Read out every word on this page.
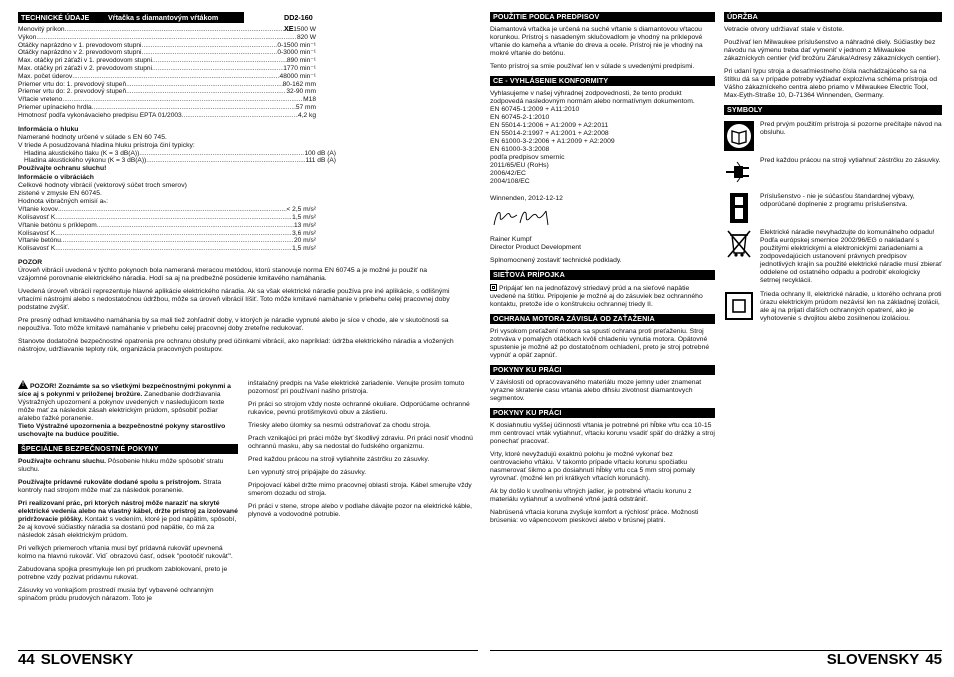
TECHNICKÉ ÚDAJE	Vŕtačka s diamantovým vŕtákom	DD2-160 XE
Menovitý príkon .....	1500 W
Výkon .....	820 W
Otáčky naprázdno v 1. prevodovom stupni .....	0-1500 min⁻¹
Otáčky naprázdno v 2. prevodovom stupni .....	0-3000 min⁻¹
Max. otáčky pri záťaži v 1. prevodovom stupni .....	890 min⁻¹
Max. otáčky pri záťaži v 2. prevodovom stupni .....	1770 min⁻¹
Max. počet úderov .....	48000 min⁻¹
Priemer vrtu do: 1. prevodový stupeň .....	80-162 mm
Priemer vrtu do: 2. prevodový stupeň .....	32-90 mm
Vŕtacie vreteno .....	M18
Priemer upínacieho hrdla .....	57 mm
Hmotnosť podľa vykonávacieho predpisu EPTA 01/2003 .....	4,2 kg
Informácia o hluku
Namerané hodnoty určené v súlade s EN 60 745.
V triede A posudzovaná hladina hluku prístroja činí typicky:
Hladina akustického tlaku (K = 3 dB(A)) .....	100 dB (A)
Hladina akustického výkonu (K = 3 dB(A)) .....	111 dB (A)
Používajte ochranu sluchu!
Informácie o vibráciách
Celkové hodnoty vibrácií (vektorový súčet troch smerov)
zistené v zmysle EN 60745.
Hodnota vibračných emisií aₕ:
Vŕtanie kovov .....	< 2,5 m/s²
Kolísavosť K .....	1,5 m/s²
Vŕtanie betónu s príklepom .....	13 m/s²
Kolísavosť K .....	3,6 m/s²
Vŕtanie betónu .....	20 m/s²
Kolísavosť K .....	1,5 m/s²
POZOR
Úroveň vibrácií uvedená v týchto pokynoch bola nameraná meracou metódou, ktorú stanovuje norma EN 60745 a je možné ju použiť na vzájomné porovnanie elektrického náradia. Hodí sa aj na predbežné posúdenie kmitavého namáhania.
Uvedená úroveň vibrácií reprezentuje hlavné aplikácie elektrického náradia. Ak sa však elektrické náradie používa pre iné aplikácie, s odlišnými vŕtacími nástrojmi alebo s nedostatočnou údržbou, môže sa úroveň vibrácií líšiť. Toto môže kmitavé namáhanie v priebehu celej pracovnej doby podstatne zvýšiť.
Pre presný odhad kmitavého namáhania by sa mali tiež zohľadniť doby, v ktorých je náradie vypnuté alebo je síce v chode, ale v skutočnosti sa nepoužíva. Toto môže kmitavé namáhanie v priebehu celej pracovnej doby zreteľne redukovať.
Stanovte dodatočné bezpečnostné opatrenia pre ochranu obsluhy pred účinkami vibrácií, ako napríklad: údržba elektrického náradia a vložených nástrojov, udržiavanie teploty rúk, organizácia pracovných postupov.
! POZOR! Zoznámte sa so všetkými bezpečnostnými pokynmi a síce aj s pokynmi v priloženej brožúre. Zanedbanie dodržiavania Výstražných upozornení a pokynov uvedených v nasledujúcom texte môže mať za následok zásah elektrickým prúdom, spôsobiť požiar a/alebo ťažké poranenie.
Tieto Výstražné upozornenia a bezpečnostné pokyny starostlivo uschovajte na budúce použitie.
ŠPECIÁLNE BEZPEČNOSTNÉ POKYNY
Používajte ochranu sluchu. Pôsobenie hluku môže spôsobiť stratu sluchu.
Používajte prídavné rukoväte dodané spolu s prístrojom. Strata kontroly nad strojom môže mať za následok poranenie.
Pri realizovaní prác, pri ktorých nástroj môže naraziť na skryté elektrické vedenia alebo na vlastný kábel, držte prístroj za izolované pridržovacie plôšky. Kontakt s vedením, ktoré je pod napätím, spôsobí, že aj kovové súčiastky náradia sa dostanú pod napätie, čo má za následok zásah elektrickým prúdom.
Pri veľkých priemeroch vŕtania musí byť prídavná rukoväť upevnená kolmo na hlavnú rukoväť. Vid´ obrazovú časť, odsek "pootočiť rukoväť".
Zabudovana spojka presmykuje len pri prudkom zablokovaní, preto je potrebne vzdy pozivat pridavnu rukovat.
Zásuvky vo vonkajšom prostredí musia byť vybavené ochranným spínačom prúdu prudových nárazom. Toto je
inštalačný predpis na Vaše elektrické zariadenie. Venujte prosím tomuto pozornosť pri používaní našho prístroja.
Pri práci so strojom vždy noste ochranné okuliare. Odporúčame ochranné rukavice, pevnú protišmykovú obuv a zástieru.
Triesky alebo úlomky sa nesmú odstraňovať za chodu stroja.
Prach vznikajúci pri práci môže byť škodlivý zdraviu. Pri práci nosiť vhodnú ochrannú masku, aby sa nedostal do ľudského organizmu.
Pred každou prácou na stroji vytiahnite zástrčku zo zásuvky.
Len vypnutý stroj pripájajte do zásuvky.
Pripojovací kábel držte mimo pracovnej oblasti stroja. Kábel smerujte vždy smerom dozadu od stroja.
Pri práci v stene, strope alebo v podlahe dávajte pozor na elektrické káble, plynové a vodovodné potrubie.
POUŽITIE PODĽA PREDPISOV
Diamantová vŕtačka je určená na suché vŕtanie s diamantovou vŕtacou korunkou. Prístroj s nasadeným sklučovadlom je vhodný na príklepové vŕtanie do kameňa a vŕtanie do dreva a ocele. Prístroj nie je vhodný na mokré vŕtanie do betónu.
Tento prístroj sa smie používať len v súlade s uvedenými predpismi.
CE - VYHLÁSENIE KONFORMITY
Vyhlasujeme v našej výhradnej zodpovednosti, že tento produkt zodpovedá nasledovným normám alebo normatívnym dokumentom.
EN 60745-1:2009 + A11:2010
EN 60745-2-1:2010
EN 55014-1:2006 + A1:2009 + A2:2011
EN 55014-2:1997 + A1:2001 + A2:2008
EN 61000-3-2:2006 + A1:2009 + A2:2009
EN 61000-3-3:2008
podľa predpisov smerníc
2011/65/EU (RoHs)
2006/42/EC
2004/108/EC
Winnenden, 2012-12-12
Rainer Kumpf
Director Product Development
Splnomocnený zostaviť technické podklady.
SIEŤOVÁ PRÍPOJKA
Pripájať len na jednofázový striedavý prúd a na sieťové napätie uvedené na štítku. Pripojenie je možné aj do zásuviek bez ochranného kontaktu, pretože ide o konštrukciu ochrannej triedy II.
OCHRANA MOTORA ZÁVISLÁ OD ZAŤAŽENIA
Pri vysokom preťažení motora sa spustí ochrana proti preťaženiu. Stroj zotrváva v pomalých otáčkach kvôli chladeniu vynutia motora. Opätovné spustenie je možné až po dostatočnom ochladení, preto je stroj potrebné vypnúť a opäť zapnúť.
POKYNY KU PRÁCI
V závislosti od opracovavaného materiálu moze jemny uder znamenat vyrazne skratenie casu vrtania alebo dlhsiu zivotnost diamantovych segmentov.
POKYNY KU PRÁCI
K dosiahnutiu vyššej účinnosti vŕtania je potrebné pri hĺbke vŕtu cca 10-15 mm centrovací vrták vytiahnuť, vŕtaciu korunu vsadiť späť do drážky a stroj ponechať pracovať.
Vrty, ktoré nevyžadujú exaktnú polohu je možné vykonať bez centrovacieho vŕtáku. V takomto prípade vŕtaciu korunu spočiatku nasmerovať šikmo a po dosiahnutí hĺbky vrtu cca 5 mm stroj pomaly vyrovnať. (možné len pri krátkych vŕtacích korunách).
Ak by došlo k uvoľneniu vŕtných jadier, je potrebné vŕtaciu korunu z materiálu vytiahnuť a uvoľnené vŕtné jadrá odstrániť.
Nabrúsená vŕtacia koruna zvyšuje komfort a rýchlosť práce. Možnosti brúsenia: vo vápencovom pieskovci alebo v brúsnej platni.
ÚDRŽBA
Vetracie otvory udržiavať stale v čistote.
Používať len Milwaukee príslušenstvo a náhradné diely. Súčiastky bez návodu na výmenu treba dať vymeniť v jednom z Milwaukee zákazníckych centier (viď brožúru Záruka/Adresy zákazníckych centier).
Pri udaní typu stroja a desaťmiestneho čísla nachádzajúceho sa na štítku dá sa v prípade potreby vyžiadať explozívna schéma prístroja od Vášho zákazníckeho centra alebo priamo v Milwaukee Electric Tool, Max-Eyth-Straße 10, D-71364 Winnenden, Germany.
SYMBOLY
Pred prvým použitím prístroja si pozorne prečítajte návod na obsluhu.
Pred každou prácou na stroji vytiahnuť zástrčku zo zásuvky.
Príslušenstvo - nie je súčasťou štandardnej výbavy, odporúčané doplnenie z programu príslušenstva.
Elektrické náradie nevyhadzujte do komunálneho odpadu! Podľa európskej smernice 2002/96/EG o nakladaní s použitými elektrickými a elektronickými zariadeniami a zodpovedajúcich ustanovení právnych predpisov jednotlivých krajín sa použité elektrické náradie musí zbierať oddelene od ostatného odpadu a podrobiť ekologicky šetrnej recyklácii.
Trieda ochrany II, elektrické náradie, u ktorého ochrana proti úrazu elektrickým prúdom nezávisí len na základnej izolácii, ale aj na prijatí ďalších ochranných opatrení, ako je vyhotovenie s dvojitou alebo zosilnenou izoláciou.
44 SLOVENSKY	SLOVENSKY 45
